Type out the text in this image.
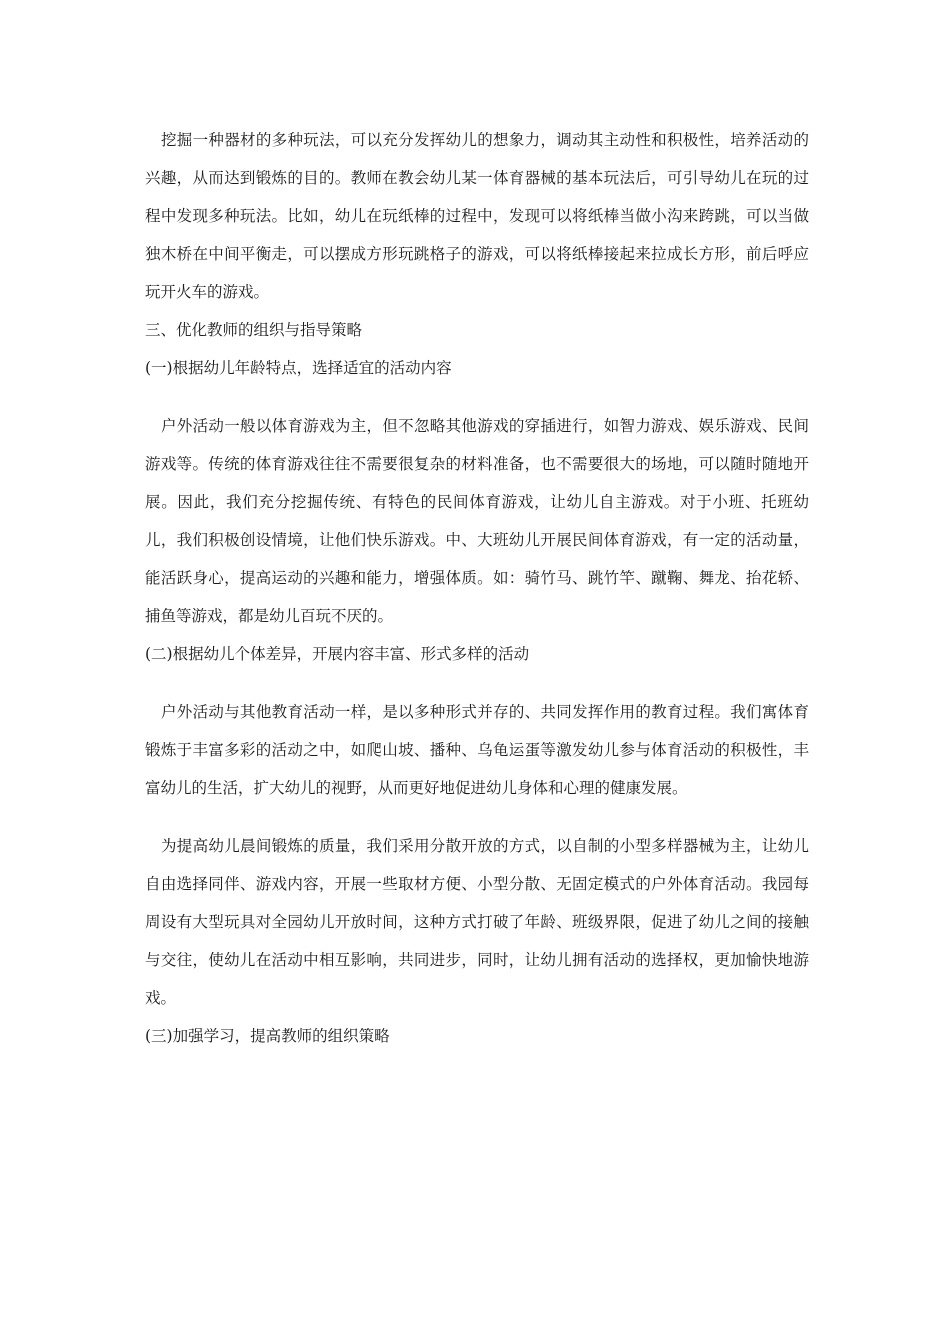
挖掘一种器材的多种玩法，可以充分发挥幼儿的想象力，调动其主动性和积极性，培养活动的兴趣，从而达到锻炼的目的。教师在教会幼儿某一体育器械的基本玩法后，可引导幼儿在玩的过程中发现多种玩法。比如，幼儿在玩纸棒的过程中，发现可以将纸棒当做小沟来跨跳，可以当做独木桥在中间平衡走，可以摆成方形玩跳格子的游戏，可以将纸棒接起来拉成长方形，前后呼应玩开火车的游戏。

三、优化教师的组织与指导策略

(一)根据幼儿年龄特点，选择适宜的活动内容

户外活动一般以体育游戏为主，但不忽略其他游戏的穿插进行，如智力游戏、娱乐游戏、民间游戏等。传统的体育游戏往往不需要很复杂的材料准备，也不需要很大的场地，可以随时随地开展。因此，我们充分挖掘传统、有特色的民间体育游戏，让幼儿自主游戏。对于小班、托班幼儿，我们积极创设情境，让他们快乐游戏。中、大班幼儿开展民间体育游戏，有一定的活动量，能活跃身心，提高运动的兴趣和能力，增强体质。如：骑竹马、跳竹竿、蹴鞠、舞龙、抬花轿、捕鱼等游戏，都是幼儿百玩不厌的。

(二)根据幼儿个体差异，开展内容丰富、形式多样的活动

户外活动与其他教育活动一样，是以多种形式并存的、共同发挥作用的教育过程。我们寓体育锻炼于丰富多彩的活动之中，如爬山坡、播种、乌龟运蛋等激发幼儿参与体育活动的积极性，丰富幼儿的生活，扩大幼儿的视野，从而更好地促进幼儿身体和心理的健康发展。

为提高幼儿晨间锻炼的质量，我们采用分散开放的方式，以自制的小型多样器械为主，让幼儿自由选择同伴、游戏内容，开展一些取材方便、小型分散、无固定模式的户外体育活动。我园每周设有大型玩具对全园幼儿开放时间，这种方式打破了年龄、班级界限，促进了幼儿之间的接触与交往，使幼儿在活动中相互影响，共同进步，同时，让幼儿拥有活动的选择权，更加愉快地游戏。

(三)加强学习，提高教师的组织策略
